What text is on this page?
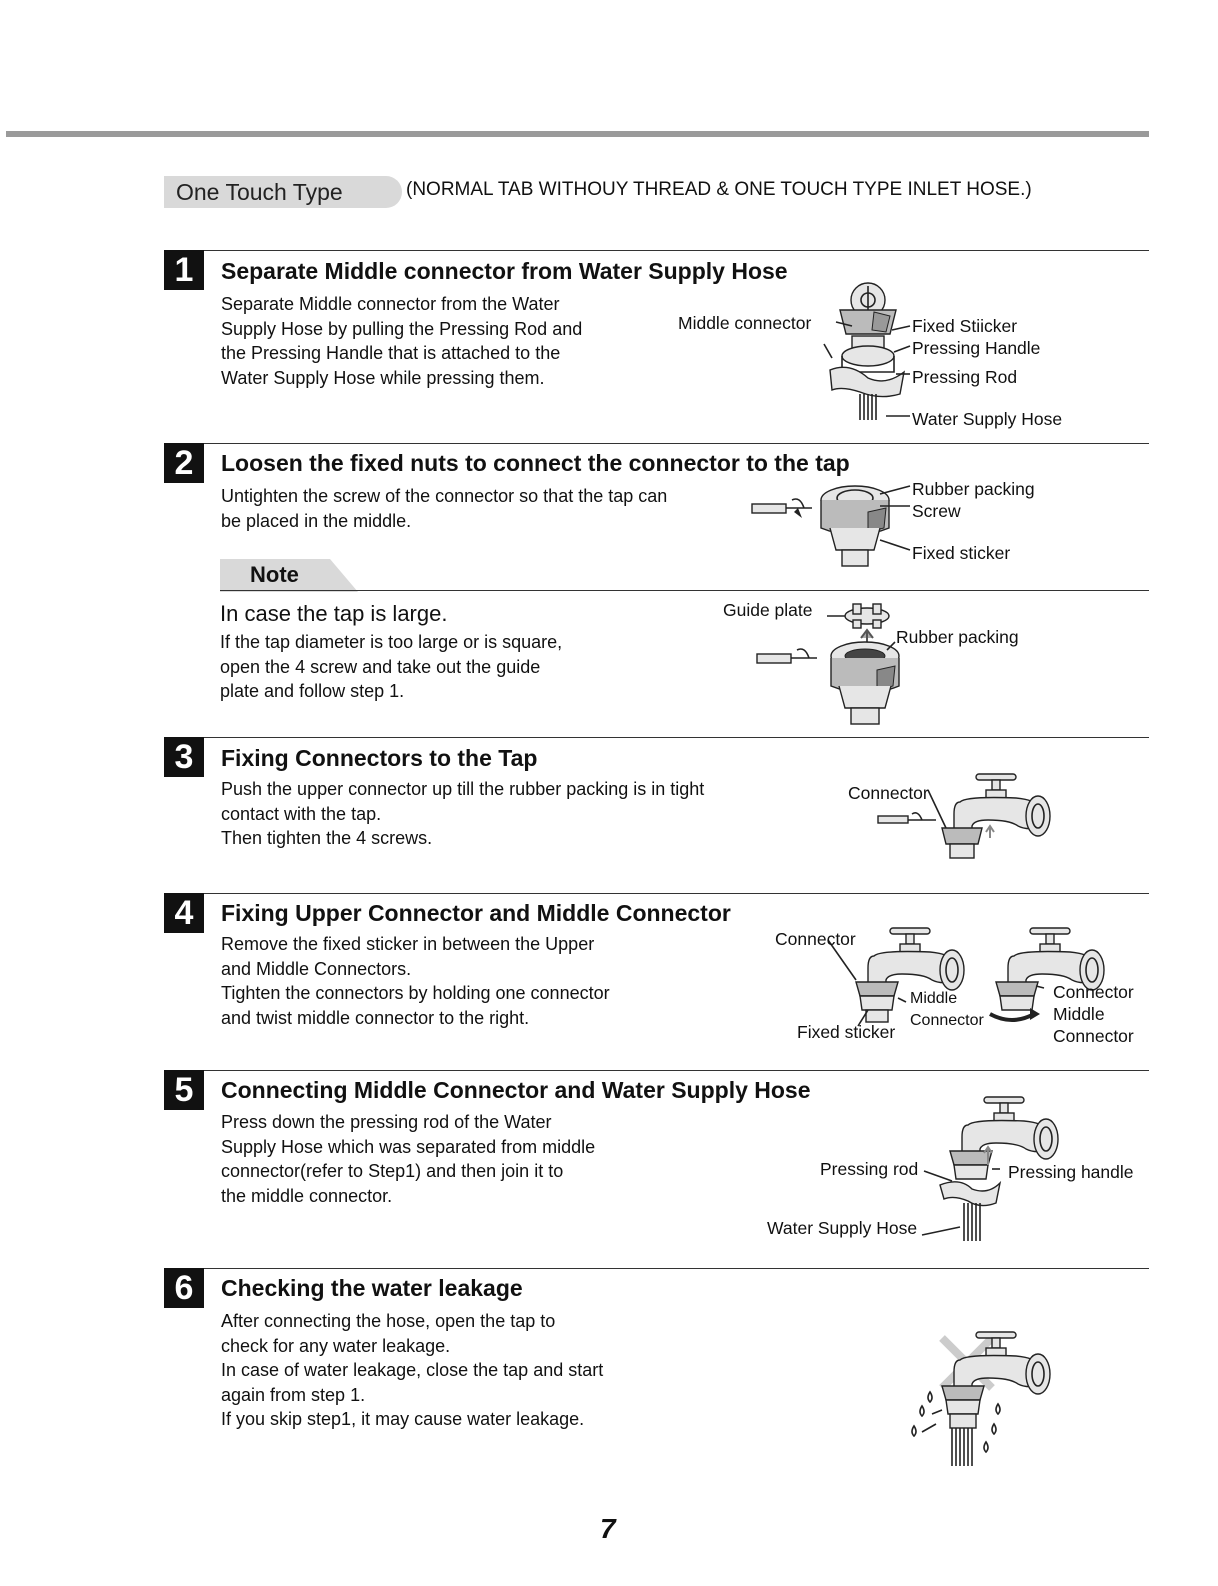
One Touch Type	(NORMAL TAB WITHOUY THREAD & ONE TOUCH TYPE INLET HOSE.)
1	Separate Middle connector from Water Supply Hose
Separate Middle connector from the Water
Supply Hose by pulling the Pressing Rod and
the Pressing Handle that is attached to the
Water Supply Hose while pressing them.
Middle connector	Fixed Stiicker
Pressing Handle
Pressing Rod
Water Supply Hose
2	Loosen the fixed nuts to connect the connector to the tap
Untighten the screw of the connector so that the tap can
be placed in the middle.
Rubber packing
Screw
Fixed sticker
Note
In case the tap is large.
If the tap diameter is too large or is square,
open the 4 screw and take out the guide
plate and follow step 1.
Guide plate
Rubber packing
3	Fixing Connectors to the Tap
Push the upper connector up till the rubber packing is in tight
contact with the tap.
Then tighten the 4 screws.
Connector
4	Fixing Upper Connector and Middle Connector
Remove the fixed sticker in between the Upper
and Middle Connectors.
Tighten the connectors by holding one connector
and twist middle connector to the right.
Connector
Middle
Connector
Fixed sticker
Connector
Middle
Connector
5	Connecting Middle Connector and Water Supply Hose
Press down the pressing rod of the Water
Supply Hose which was separated from middle
connector(refer to Step1) and then join it to
the middle connector.
Pressing rod	Pressing handle
Water Supply Hose
6	Checking the water leakage
After connecting the hose, open the tap to
check for any water leakage.
In case of water leakage, close the tap and start
again from step 1.
If you skip step1, it may cause water leakage.
7
